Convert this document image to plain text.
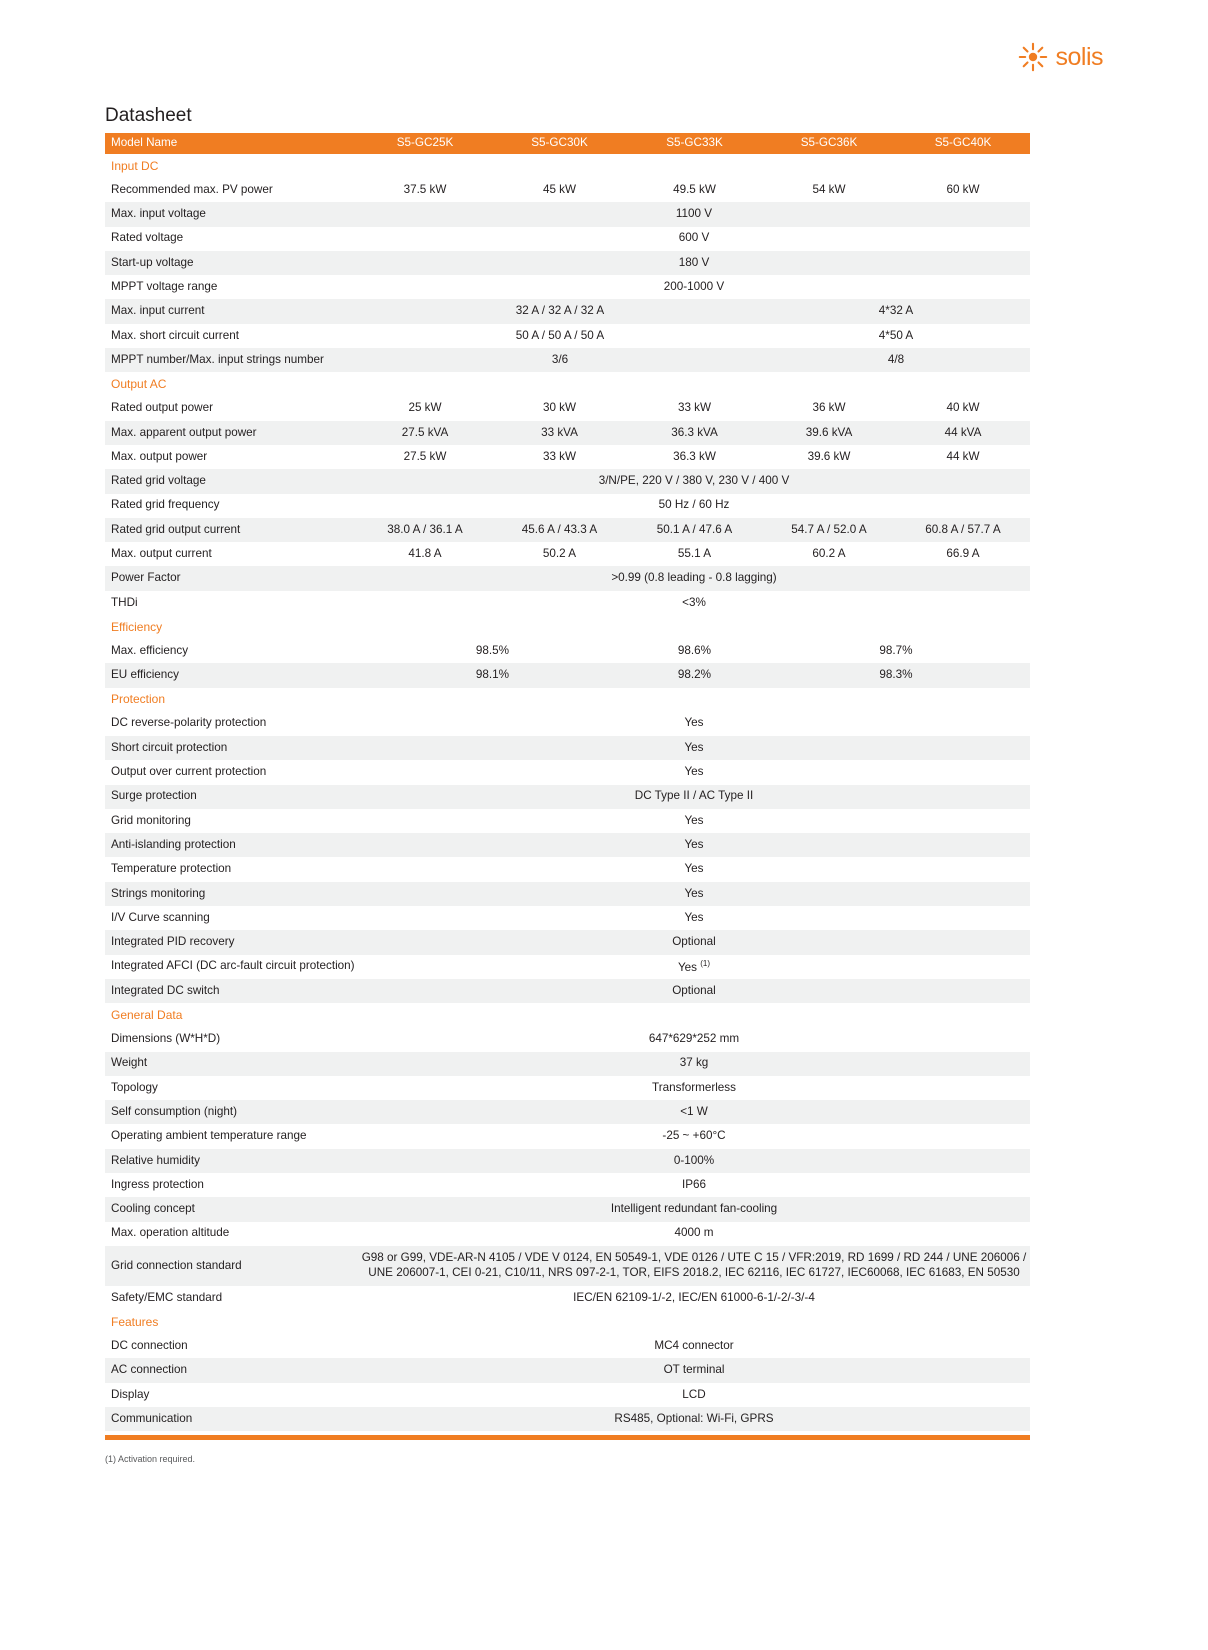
solis
Datasheet
Model Name	S5-GC25K	S5-GC30K	S5-GC33K	S5-GC36K	S5-GC40K
Input DC					
Recommended max. PV power	37.5 kW	45 kW	49.5 kW	54 kW	60 kW
Max. input voltage	1100 V				
Rated voltage	600 V				
Start-up voltage	180 V				
MPPT voltage range	200-1000 V				
Max. input current	32 A / 32 A / 32 A			4*32 A	
Max. short circuit current	50 A / 50 A / 50 A			4*50 A	
MPPT number/Max. input strings number	3/6			4/8	
Output AC					
Rated output power	25 kW	30 kW	33 kW	36 kW	40 kW
Max. apparent output power	27.5 kVA	33 kVA	36.3 kVA	39.6 kVA	44 kVA
Max. output power	27.5 kW	33 kW	36.3 kW	39.6 kW	44 kW
Rated grid voltage	3/N/PE, 220 V / 380 V, 230 V / 400 V				
Rated grid frequency	50 Hz / 60 Hz				
Rated grid output current	38.0 A / 36.1 A	45.6 A / 43.3 A	50.1 A / 47.6 A	54.7 A / 52.0 A	60.8 A / 57.7 A
Max. output current	41.8 A	50.2 A	55.1 A	60.2 A	66.9 A
Power Factor	>0.99 (0.8 leading - 0.8 lagging)				
THDi	<3%				
Efficiency					
Max. efficiency	98.5%		98.6%	98.7%	
EU efficiency	98.1%		98.2%	98.3%	
Protection					
DC reverse-polarity protection	Yes				
Short circuit protection	Yes				
Output over current protection	Yes				
Surge protection	DC Type II / AC Type II				
Grid monitoring	Yes				
Anti-islanding protection	Yes				
Temperature protection	Yes				
Strings monitoring	Yes				
I/V Curve scanning	Yes				
Integrated PID recovery	Optional				
Integrated AFCI (DC arc-fault circuit protection)	Yes $^{(1)}$
Integrated DC switch	Optional				
General Data					
Dimensions (W*H*D)	647*629*252 mm				
Weight	37 kg				
Topology	Transformerless				
Self consumption (night)	<1 W				
Operating ambient temperature range	-25 ~ +60°C				
Relative humidity	0-100%				
Ingress protection	IP66				
Cooling concept	Intelligent redundant fan-cooling				
Max. operation altitude	4000 m				
Grid connection standard	G98 or G99, VDE-AR-N 4105 / VDE V 0124, EN 50549-1, VDE 0126 / UTE C 15 / VFR:2019, RD 1699 / RD 244 / UNE 206006 / UNE 206007-1, CEI 0-21, C10/11, NRS 097-2-1, TOR, EIFS 2018.2, IEC 62116, IEC 61727, IEC60068, IEC 61683, EN 50530				
Safety/EMC standard	IEC/EN 62109-1/-2, IEC/EN 61000-6-1/-2/-3/-4				
Features					
DC connection	MC4 connector				
AC connection	OT terminal				
Display	LCD				
Communication	RS485, Optional: Wi-Fi, GPRS				
(1) Activation required.
